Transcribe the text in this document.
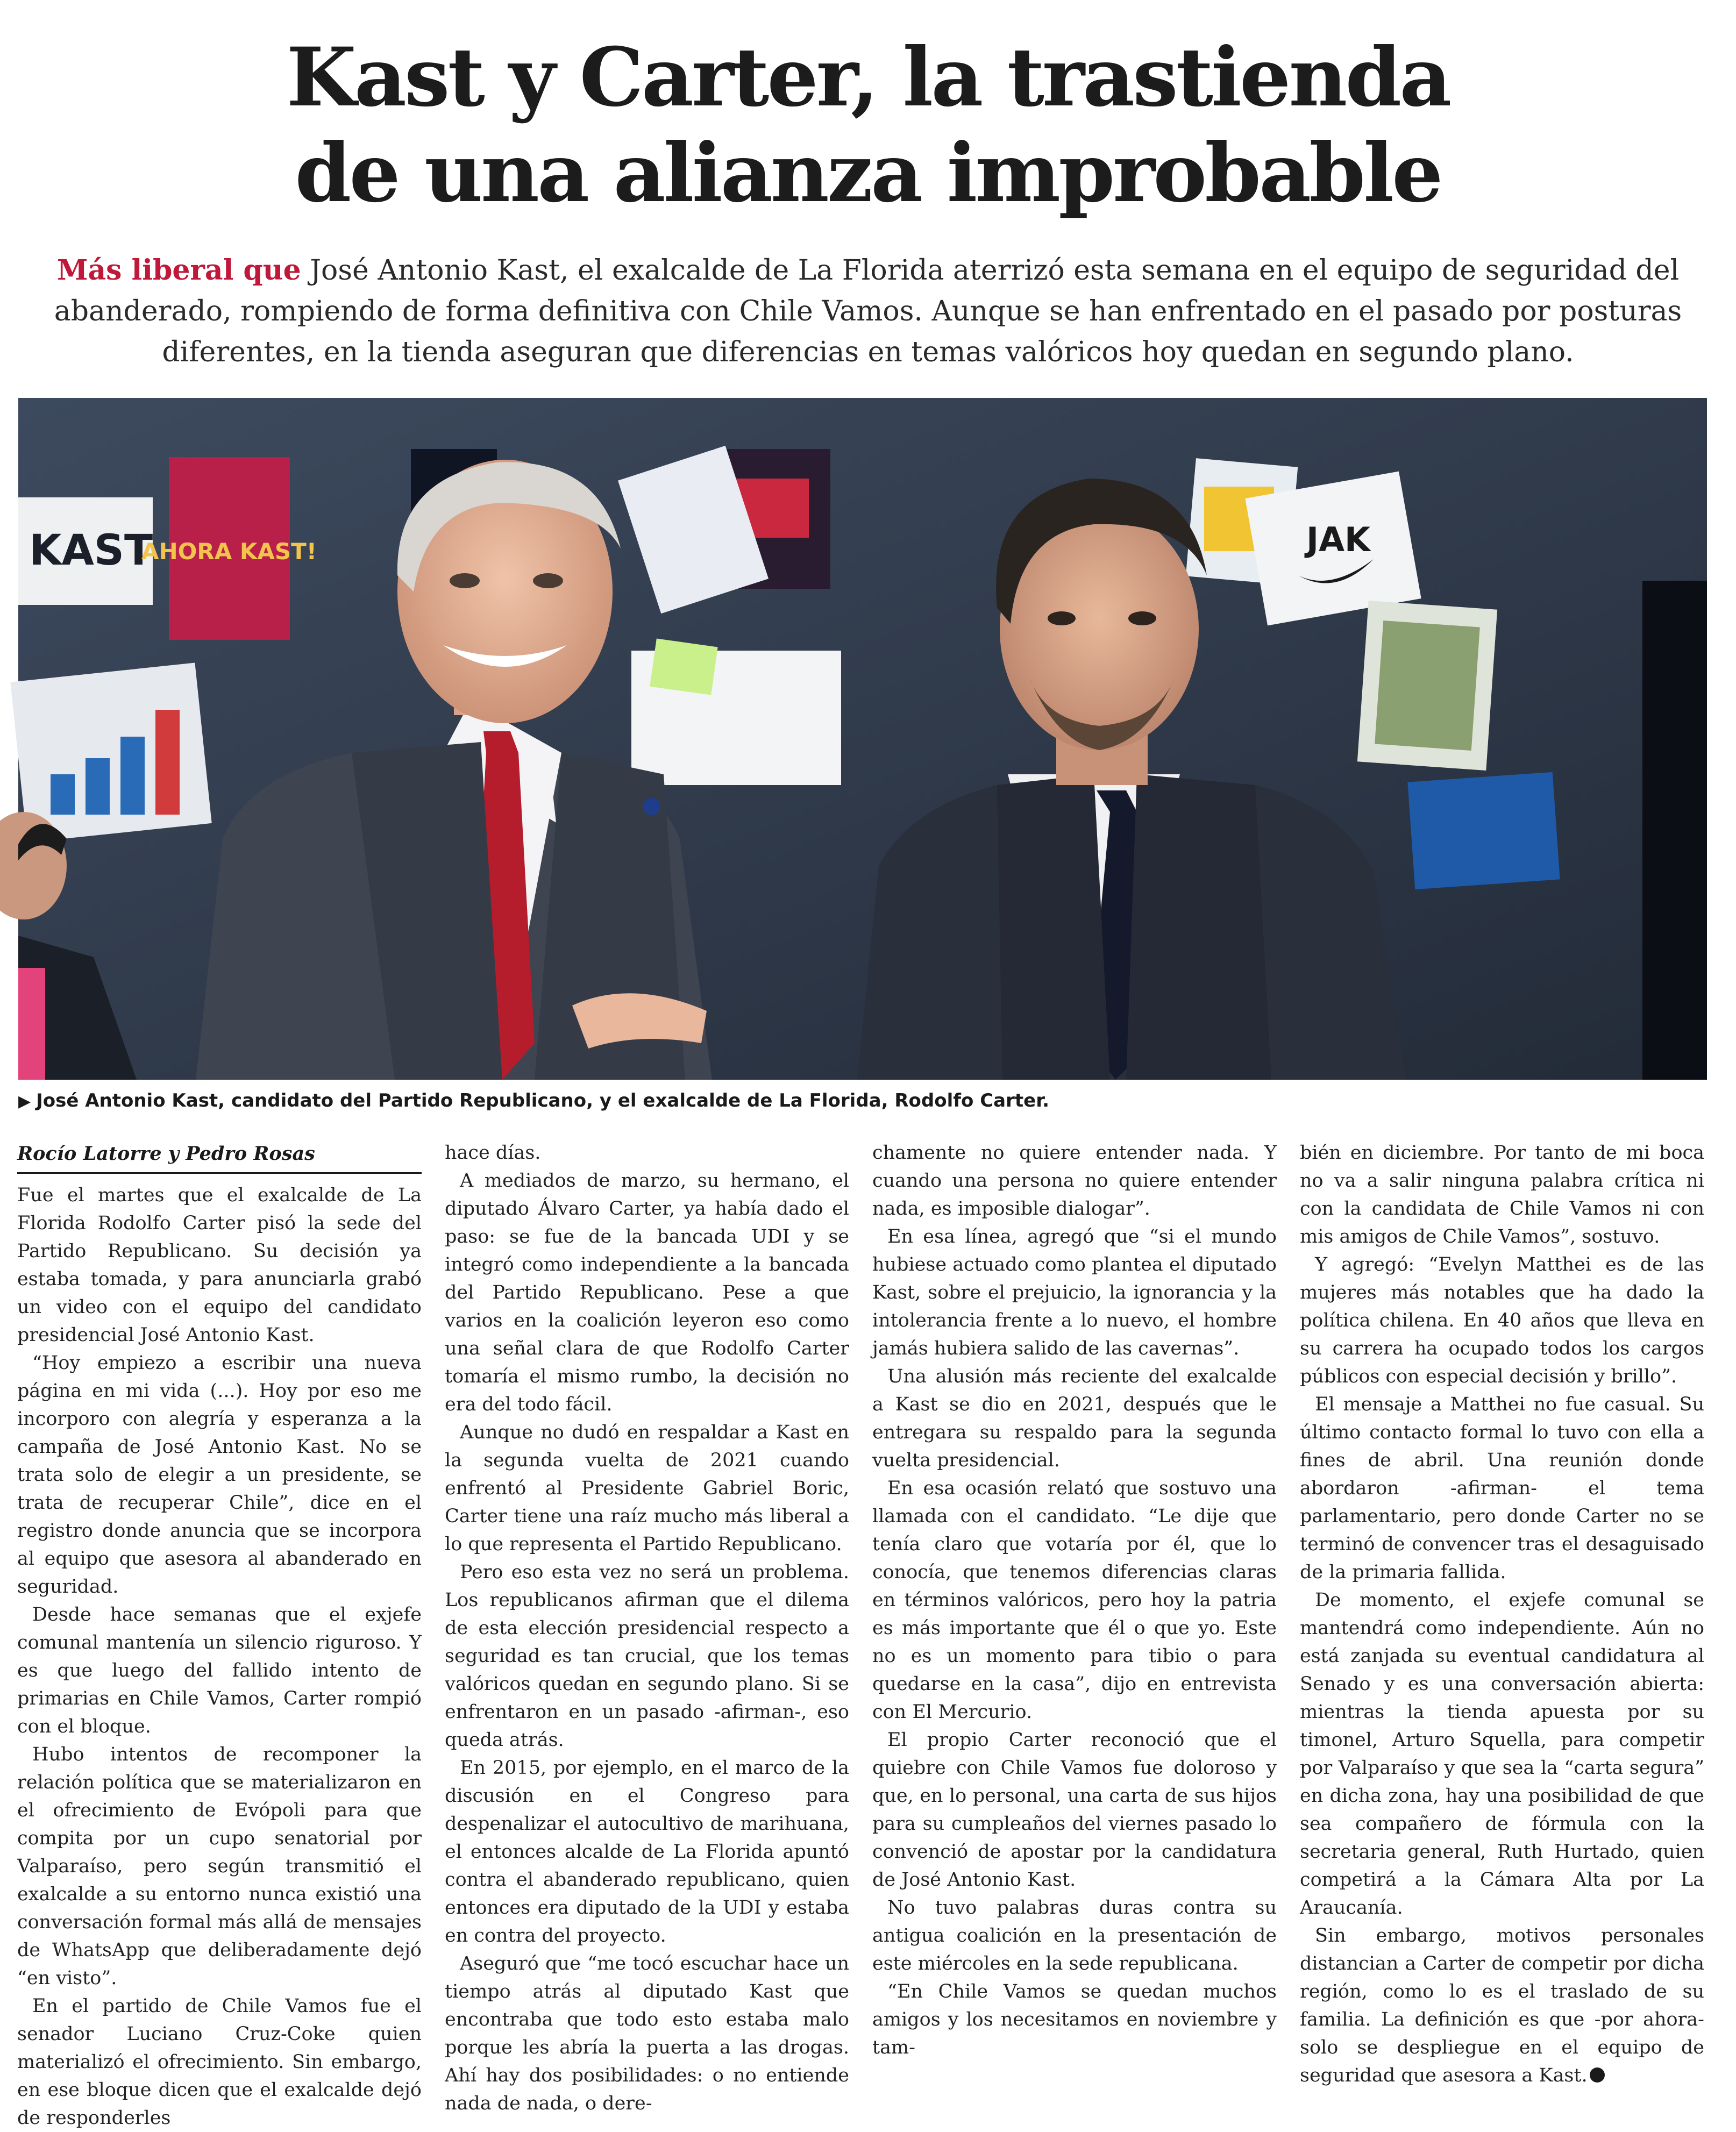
Kast y Carter, la trastienda
de una alianza improbable

Más liberal que José Antonio Kast, el exalcalde de La Florida aterrizó esta semana en el equipo de seguridad del abanderado, rompiendo de forma definitiva con Chile Vamos. Aunque se han enfrentado en el pasado por posturas diferentes, en la tienda aseguran que diferencias en temas valóricos hoy quedan en segundo plano.

KAST
AHORA KAST!	JAK
▶ José Antonio Kast, candidato del Partido Republicano, y el exalcalde de La Florida, Rodolfo Carter.
Rocío Latorre y Pedro Rosas

Fue el martes que el exalcalde de La Florida Rodolfo Carter pisó la sede del Partido Republicano. Su decisión ya estaba tomada, y para anunciarla grabó un video con el equipo del candidato presidencial José Antonio Kast.

“Hoy empiezo a escribir una nueva página en mi vida (...). Hoy por eso me incorporo con alegría y esperanza a la campaña de José Antonio Kast. No se trata solo de elegir a un presidente, se trata de recuperar Chile”, dice en el registro donde anuncia que se incorpora al equipo que asesora al abanderado en seguridad.

Desde hace semanas que el exjefe comunal mantenía un silencio riguroso. Y es que luego del fallido intento de primarias en Chile Vamos, Carter rompió con el bloque.

Hubo intentos de recomponer la relación política que se materializaron en el ofrecimiento de Evópoli para que compita por un cupo senatorial por Valparaíso, pero según transmitió el exalcalde a su entorno nunca existió una conversación formal más allá de mensajes de WhatsApp que deliberadamente dejó “en visto”.

En el partido de Chile Vamos fue el senador Luciano Cruz-Coke quien materializó el ofrecimiento. Sin embargo, en ese bloque dicen que el exalcalde dejó de responderles

hace días.

A mediados de marzo, su hermano, el diputado Álvaro Carter, ya había dado el paso: se fue de la bancada UDI y se integró como independiente a la bancada del Partido Republicano. Pese a que varios en la coalición leyeron eso como una señal clara de que Rodolfo Carter tomaría el mismo rumbo, la decisión no era del todo fácil.

Aunque no dudó en respaldar a Kast en la segunda vuelta de 2021 cuando enfrentó al Presidente Gabriel Boric, Carter tiene una raíz mucho más liberal a lo que representa el Partido Republicano.

Pero eso esta vez no será un problema. Los republicanos afirman que el dilema de esta elección presidencial respecto a seguridad es tan crucial, que los temas valóricos quedan en segundo plano. Si se enfrentaron en un pasado -afirman-, eso queda atrás.

En 2015, por ejemplo, en el marco de la discusión en el Congreso para despenalizar el autocultivo de marihuana, el entonces alcalde de La Florida apuntó contra el abanderado republicano, quien entonces era diputado de la UDI y estaba en contra del proyecto.

Aseguró que “me tocó escuchar hace un tiempo atrás al diputado Kast que encontraba que todo esto estaba malo porque les abría la puerta a las drogas. Ahí hay dos posibilidades: o no entiende nada de nada, o dere-

chamente no quiere entender nada. Y cuando una persona no quiere entender nada, es imposible dialogar”.

En esa línea, agregó que “si el mundo hubiese actuado como plantea el diputado Kast, sobre el prejuicio, la ignorancia y la intolerancia frente a lo nuevo, el hombre jamás hubiera salido de las cavernas”.

Una alusión más reciente del exalcalde a Kast se dio en 2021, después que le entregara su respaldo para la segunda vuelta presidencial.

En esa ocasión relató que sostuvo una llamada con el candidato. “Le dije que tenía claro que votaría por él, que lo conocía, que tenemos diferencias claras en términos valóricos, pero hoy la patria es más importante que él o que yo. Este no es un momento para tibio o para quedarse en la casa”, dijo en entrevista con El Mercurio.

El propio Carter reconoció que el quiebre con Chile Vamos fue doloroso y que, en lo personal, una carta de sus hijos para su cumpleaños del viernes pasado lo convenció de apostar por la candidatura de José Antonio Kast.

No tuvo palabras duras contra su antigua coalición en la presentación de este miércoles en la sede republicana.

“En Chile Vamos se quedan muchos amigos y los necesitamos en noviembre y tam-

bién en diciembre. Por tanto de mi boca no va a salir ninguna palabra crítica ni con la candidata de Chile Vamos ni con mis amigos de Chile Vamos”, sostuvo.

Y agregó: “Evelyn Matthei es de las mujeres más notables que ha dado la política chilena. En 40 años que lleva en su carrera ha ocupado todos los cargos públicos con especial decisión y brillo”.

El mensaje a Matthei no fue casual. Su último contacto formal lo tuvo con ella a fines de abril. Una reunión donde abordaron -afirman- el tema parlamentario, pero donde Carter no se terminó de convencer tras el desaguisado de la primaria fallida.

De momento, el exjefe comunal se mantendrá como independiente. Aún no está zanjada su eventual candidatura al Senado y es una conversación abierta: mientras la tienda apuesta por su timonel, Arturo Squella, para competir por Valparaíso y que sea la “carta segura” en dicha zona, hay una posibilidad de que sea compañero de fórmula con la secretaria general, Ruth Hurtado, quien competirá a la Cámara Alta por La Araucanía.

Sin embargo, motivos personales distancian a Carter de competir por dicha región, como lo es el traslado de su familia. La definición es que -por ahora- solo se despliegue en el equipo de seguridad que asesora a Kast.
